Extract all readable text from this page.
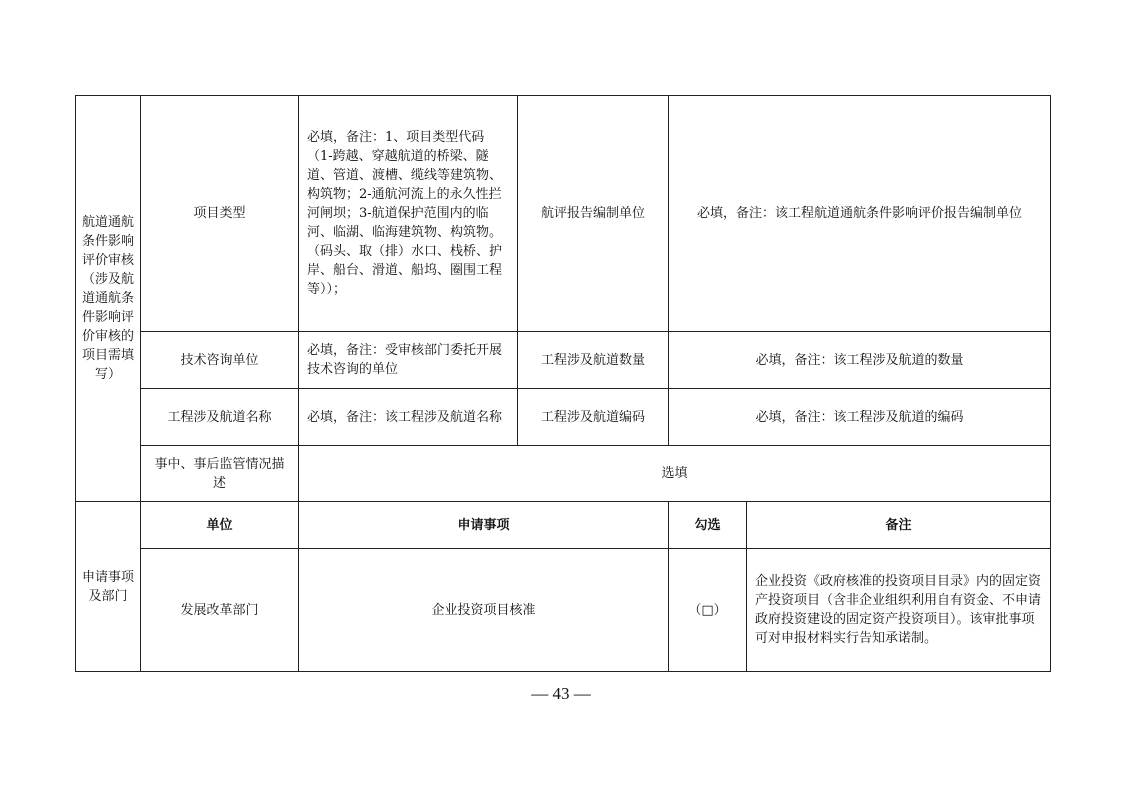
航道通航条件影响评价审核（涉及航道通航条件影响评价审核的项目需填写）	项目类型	必填，备注：1、项目类型代码（1-跨越、穿越航道的桥梁、隧道、管道、渡槽、缆线等建筑物、构筑物；2-通航河流上的永久性拦河闸坝；3-航道保护范围内的临河、临湖、临海建筑物、构筑物。（码头、取（排）水口、栈桥、护岸、船台、滑道、船坞、圈围工程等））；	航评报告编制单位	必填，备注：该工程航道通航条件影响评价报告编制单位	
	技术咨询单位	必填，备注：受审核部门委托开展技术咨询的单位	工程涉及航道数量	必填，备注：该工程涉及航道的数量	
	工程涉及航道名称	必填，备注：该工程涉及航道名称	工程涉及航道编码	必填，备注：该工程涉及航道的编码	
	事中、事后监管情况描述	选填			
申请事项及部门	单位	申请事项		勾选	备注
	发展改革部门	企业投资项目核准		（□）	企业投资《政府核准的投资项目目录》内的固定资产投资项目（含非企业组织利用自有资金、不申请政府投资建设的固定资产投资项目）。该审批事项可对申报材料实行告知承诺制。
— 43 —
